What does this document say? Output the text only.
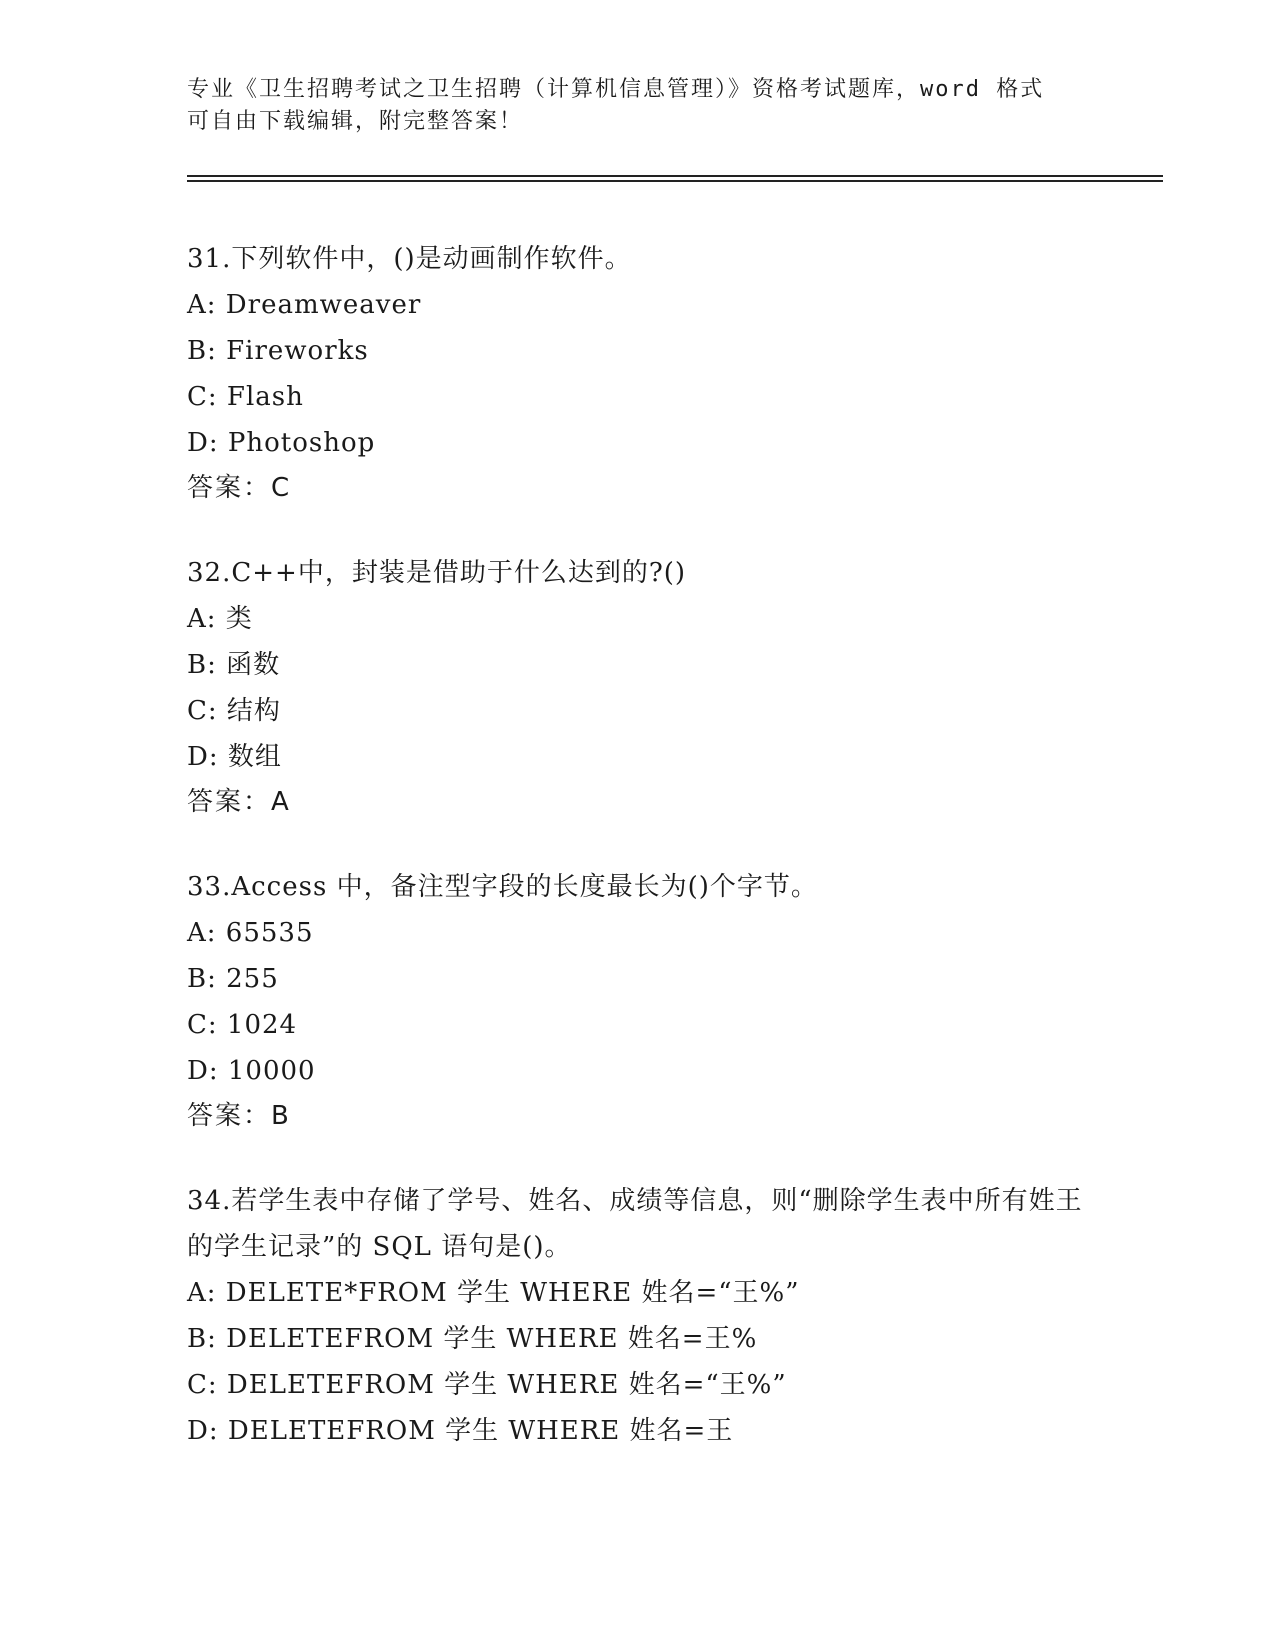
专业《卫生招聘考试之卫生招聘（计算机信息管理）》资格考试题库，word 格式
可自由下载编辑，附完整答案！
31.下列软件中，()是动画制作软件。
A: Dreamweaver
B: Fireworks
C: Flash
D: Photoshop
答案：C
32.C++中，封装是借助于什么达到的?()
A: 类
B: 函数
C: 结构
D: 数组
答案：A
33.Access 中，备注型字段的长度最长为()个字节。
A: 65535
B: 255
C: 1024
D: 10000
答案：B
34.若学生表中存储了学号、姓名、成绩等信息，则“删除学生表中所有姓王的学生记录”的 SQL 语句是()。
A: DELETE*FROM 学生 WHERE 姓名=“王%”
B: DELETEFROM 学生 WHERE 姓名=王%
C: DELETEFROM 学生 WHERE 姓名=“王%”
D: DELETEFROM 学生 WHERE 姓名=王
